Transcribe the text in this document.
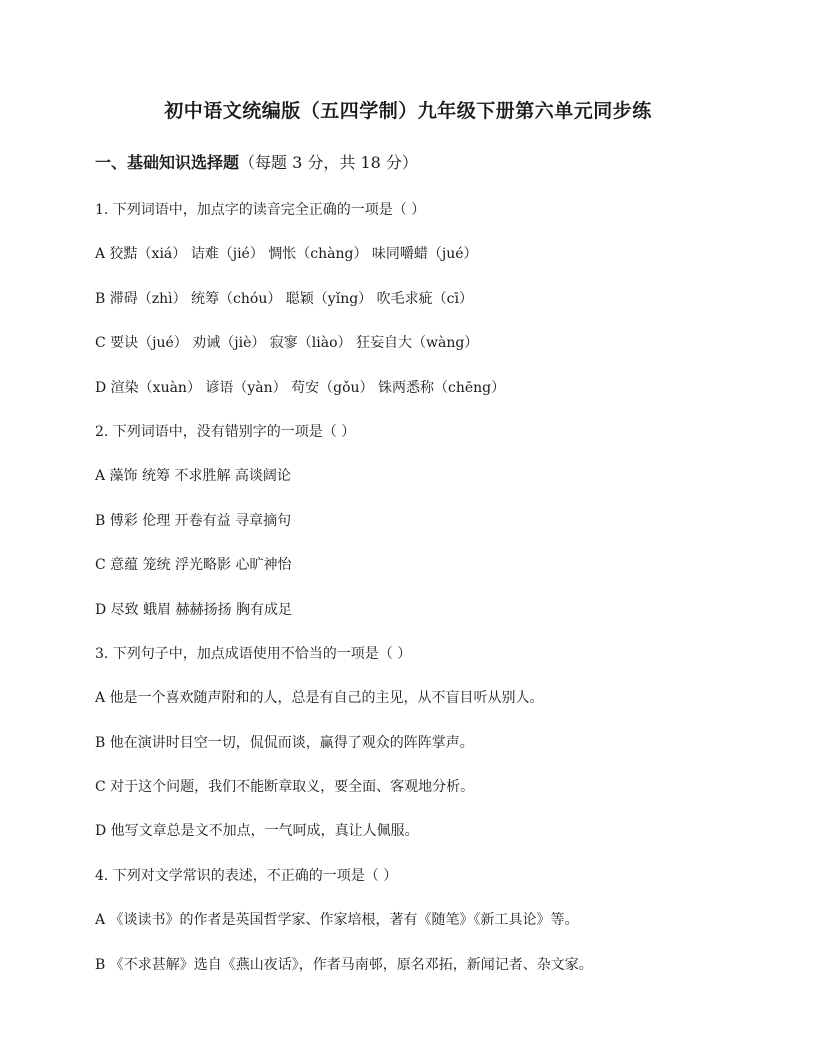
初中语文统编版（五四学制）九年级下册第六单元同步练
一、基础知识选择题（每题 3 分，共 18 分）
1. 下列词语中，加点字的读音完全正确的一项是（ ）
A 狡黠（xiá） 诘难（jié） 惆怅（chàng） 味同嚼蜡（jué）
B 滞碍（zhì） 统筹（chóu） 聪颖（yǐng） 吹毛求疵（cī）
C 要诀（jué） 劝诫（jiè） 寂寥（liào） 狂妄自大（wàng）
D 渲染（xuàn） 谚语（yàn） 苟安（gǒu） 铢两悉称（chēng）
2. 下列词语中，没有错别字的一项是（ ）
A 藻饰 统筹 不求胜解 高谈阔论
B 傅彩 伦理 开卷有益 寻章摘句
C 意蕴 笼统 浮光略影 心旷神怡
D 尽致 蛾眉 赫赫扬扬 胸有成足
3. 下列句子中，加点成语使用不恰当的一项是（ ）
A 他是一个喜欢随声附和的人，总是有自己的主见，从不盲目听从别人。
B 他在演讲时目空一切，侃侃而谈，赢得了观众的阵阵掌声。
C 对于这个问题，我们不能断章取义，要全面、客观地分析。
D 他写文章总是文不加点，一气呵成，真让人佩服。
4. 下列对文学常识的表述，不正确的一项是（ ）
A 《谈读书》的作者是英国哲学家、作家培根，著有《随笔》《新工具论》等。
B 《不求甚解》选自《燕山夜话》，作者马南邨，原名邓拓，新闻记者、杂文家。
